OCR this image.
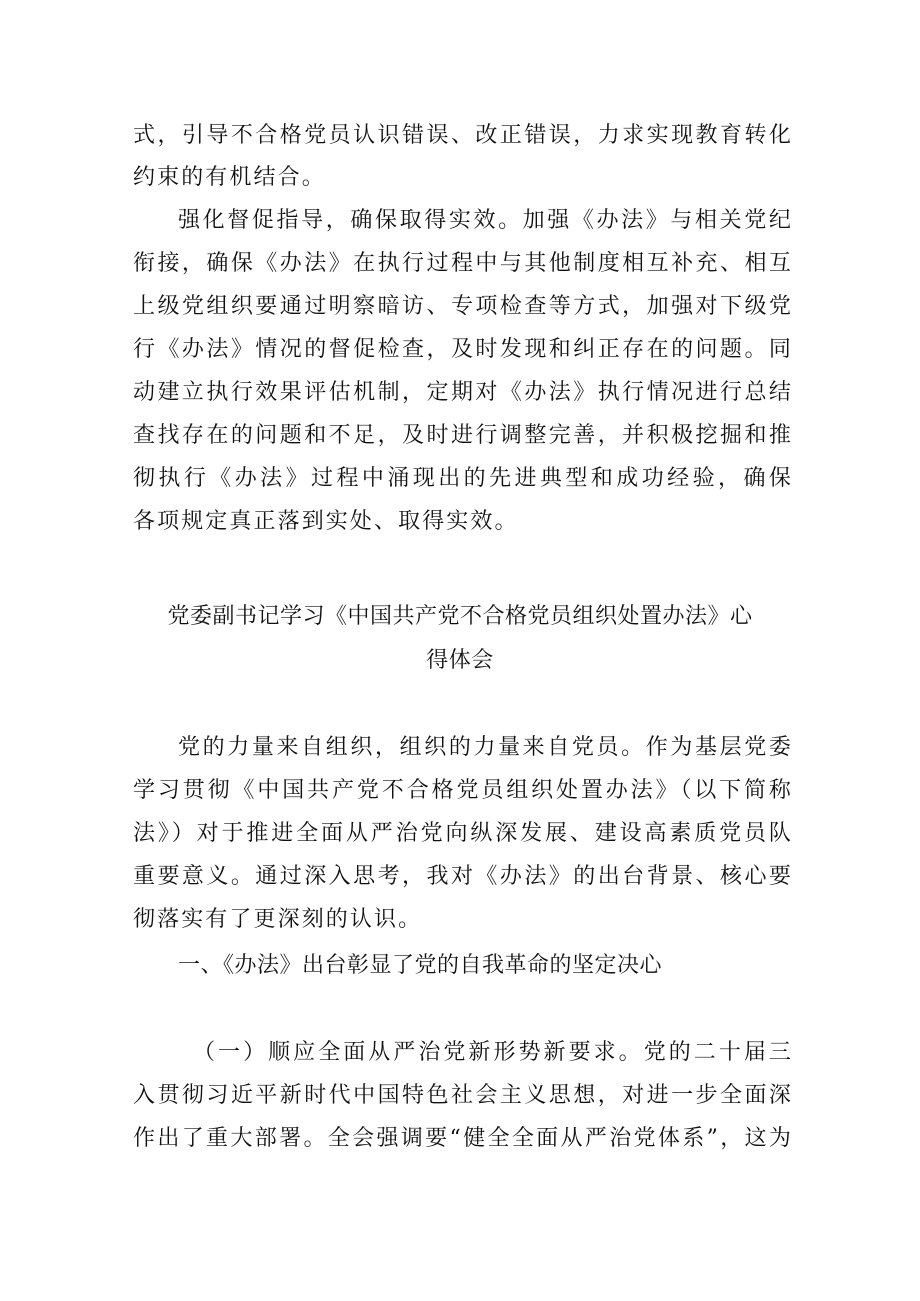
式，引导不合格党员认识错误、改正错误，力求实现教育转化
约束的有机结合。
强化督促指导，确保取得实效。加强《办法》与相关党纪
衔接，确保《办法》在执行过程中与其他制度相互补充、相互
上级党组织要通过明察暗访、专项检查等方式，加强对下级党
行《办法》情况的督促检查，及时发现和纠正存在的问题。同
动建立执行效果评估机制，定期对《办法》执行情况进行总结
查找存在的问题和不足，及时进行调整完善，并积极挖掘和推
彻执行《办法》过程中涌现出的先进典型和成功经验，确保
各项规定真正落到实处、取得实效。
党委副书记学习《中国共产党不合格党员组织处置办法》心
得体会
党的力量来自组织，组织的力量来自党员。作为基层党委
学习贯彻《中国共产党不合格党员组织处置办法》（以下简称
法》）对于推进全面从严治党向纵深发展、建设高素质党员队
重要意义。通过深入思考，我对《办法》的出台背景、核心要
彻落实有了更深刻的认识。
一、《办法》出台彰显了党的自我革命的坚定决心
（一）顺应全面从严治党新形势新要求。党的二十届三
入贯彻习近平新时代中国特色社会主义思想，对进一步全面深
作出了重大部署。全会强调要“健全全面从严治党体系”，这为
